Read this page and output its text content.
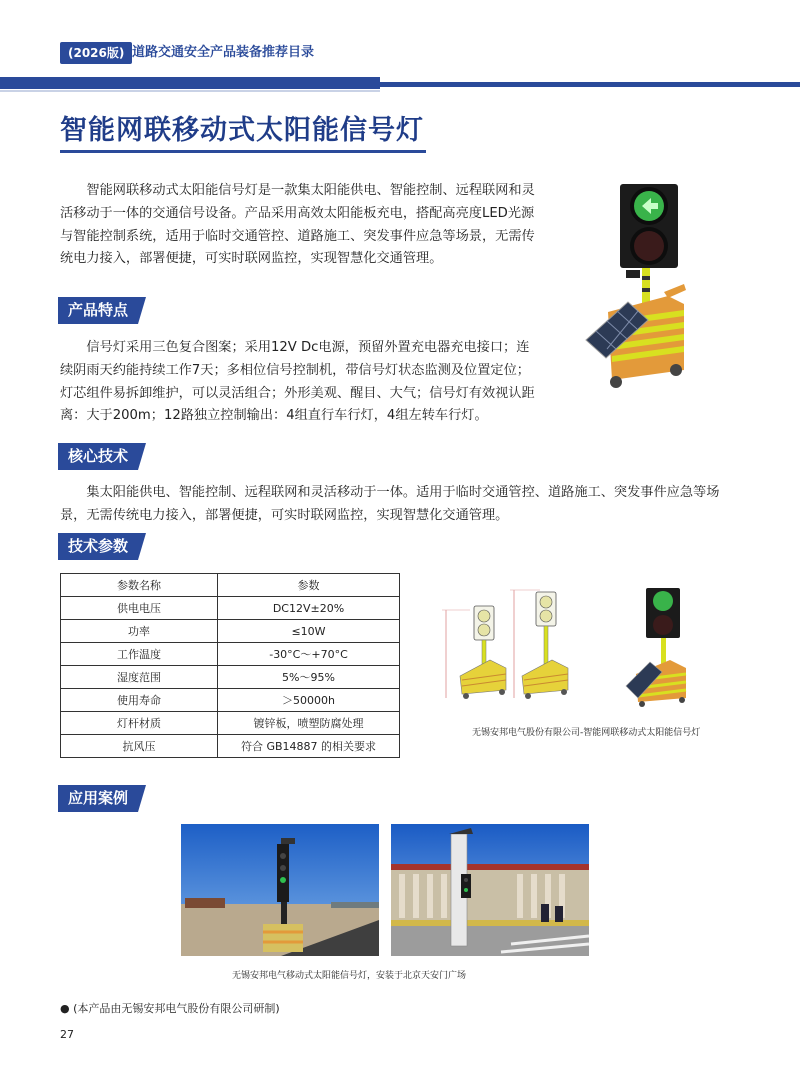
(2026版) 道路交通安全产品装备推荐目录
智能网联移动式太阳能信号灯
智能网联移动式太阳能信号灯是一款集太阳能供电、智能控制、远程联网和灵活移动于一体的交通信号设备。产品采用高效太阳能板充电，搭配高亮度LED光源与智能控制系统，适用于临时交通管控、道路施工、突发事件应急等场景，无需传统电力接入，部署便捷，可实时联网监控，实现智慧化交通管理。
产品特点
信号灯采用三色复合图案；采用12V Dc电源，预留外置充电器充电接口；连续阴雨天约能持续工作7天；多相位信号控制机，带信号灯状态监测及位置定位；灯芯组件易拆卸维护，可以灵活组合；外形美观、醒目、大气；信号灯有效视认距离：大于200m；12路独立控制输出：4组直行车行灯，4组左转车行灯。
核心技术
集太阳能供电、智能控制、远程联网和灵活移动于一体。适用于临时交通管控、道路施工、突发事件应急等场景，无需传统电力接入，部署便捷，可实时联网监控，实现智慧化交通管理。
技术参数
参数名称	参数
供电电压	DC12V±20%
功率	≤10W
工作温度	-30°C～+70°C
湿度范围	5%～95%
使用寿命	＞50000h
灯杆材质	镀锌板，喷塑防腐处理
抗风压	符合 GB14887 的相关要求
无锡安邦电气股份有限公司-智能网联移动式太阳能信号灯
应用案例
无锡安邦电气移动式太阳能信号灯，安装于北京天安门广场
● (本产品由无锡安邦电气股份有限公司研制)
27
